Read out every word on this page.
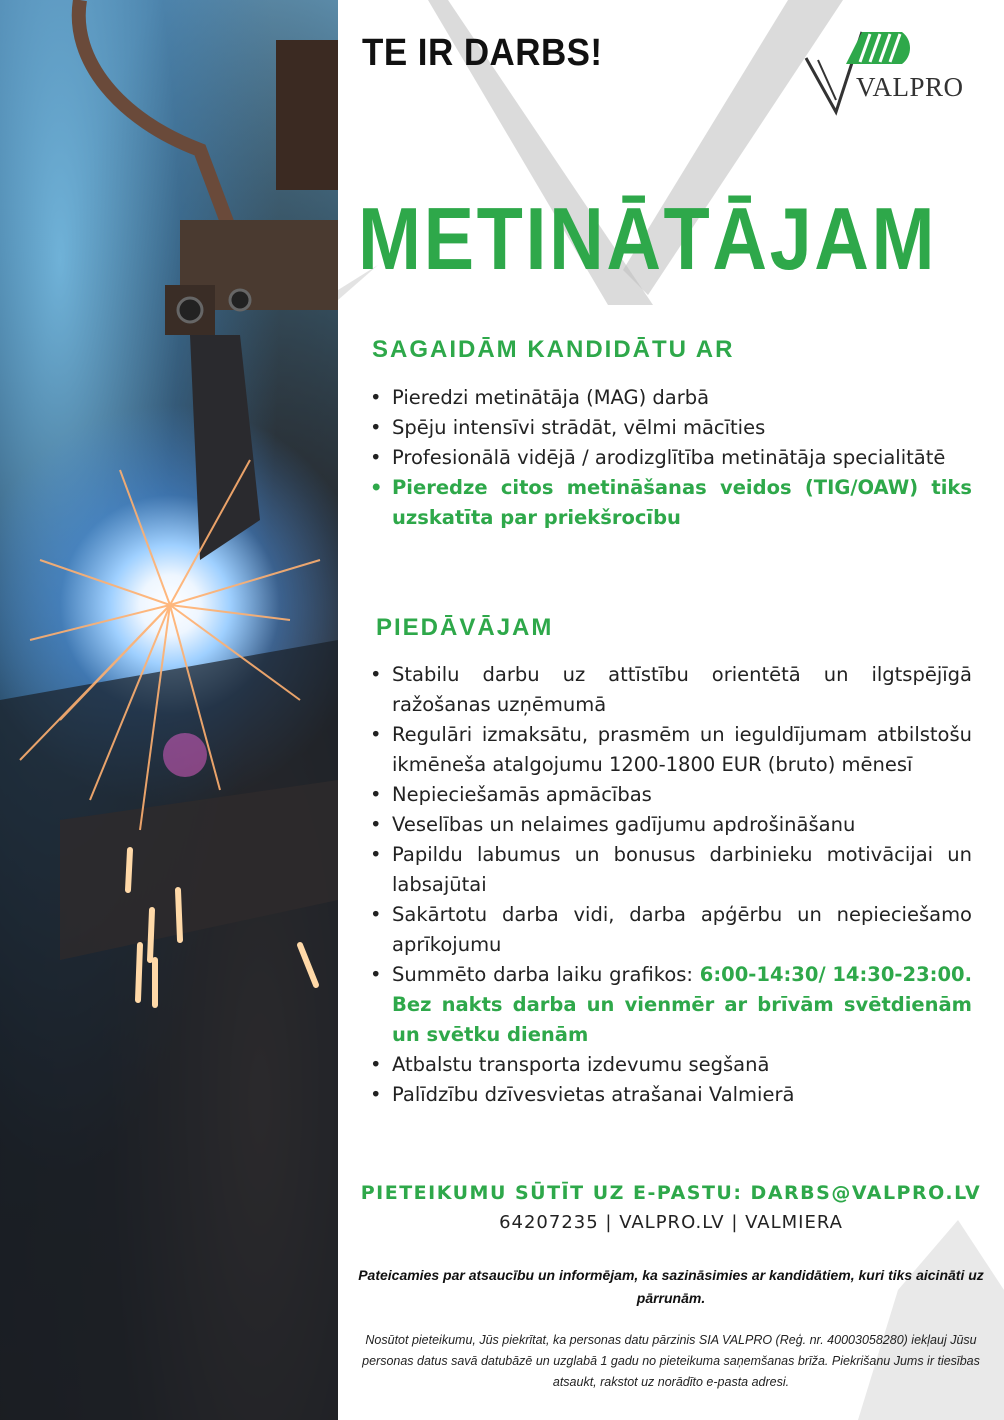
TE IR DARBS!
VALPRO
METINĀTĀJAM
SAGAIDĀM KANDIDĀTU AR
• Pieredzi metinātāja (MAG) darbā
• Spēju intensīvi strādāt, vēlmi mācīties
• Profesionālā vidējā / arodizglītība metinātāja specialitātē
• Pieredze citos metināšanas veidos (TIG/OAW) tiks uzskatīta par priekšrocību
PIEDĀVĀJAM
• Stabilu darbu uz attīstību orientētā un ilgtspējīgā ražošanas uzņēmumā
• Regulāri izmaksātu, prasmēm un ieguldījumam atbilstošu ikmēneša atalgojumu 1200-1800 EUR (bruto) mēnesī
• Nepieciešamās apmācības
• Veselības un nelaimes gadījumu apdrošināšanu
• Papildu labumus un bonusus darbinieku motivācijai un labsajūtai
• Sakārtotu darba vidi, darba apģērbu un nepieciešamo aprīkojumu
• Summēto darba laiku grafikos: 6:00-14:30/ 14:30-23:00. Bez nakts darba un vienmēr ar brīvām svētdienām un svētku dienām
• Atbalstu transporta izdevumu segšanā
• Palīdzību dzīvesvietas atrašanai Valmierā
PIETEIKUMU SŪTĪT UZ E-PASTU: DARBS@VALPRO.LV
64207235 | VALPRO.LV | VALMIERA
Pateicamies par atsaucību un informējam, ka sazināsimies ar kandidātiem, kuri tiks aicināti uz pārrunām.
Nosūtot pieteikumu, Jūs piekrītat, ka personas datu pārzinis SIA VALPRO (Reģ. nr. 40003058280) iekļauj Jūsu personas datus savā datubāzē un uzglabā 1 gadu no pieteikuma saņemšanas brīža. Piekrišanu Jums ir tiesības atsaukt, rakstot uz norādīto e-pasta adresi.
